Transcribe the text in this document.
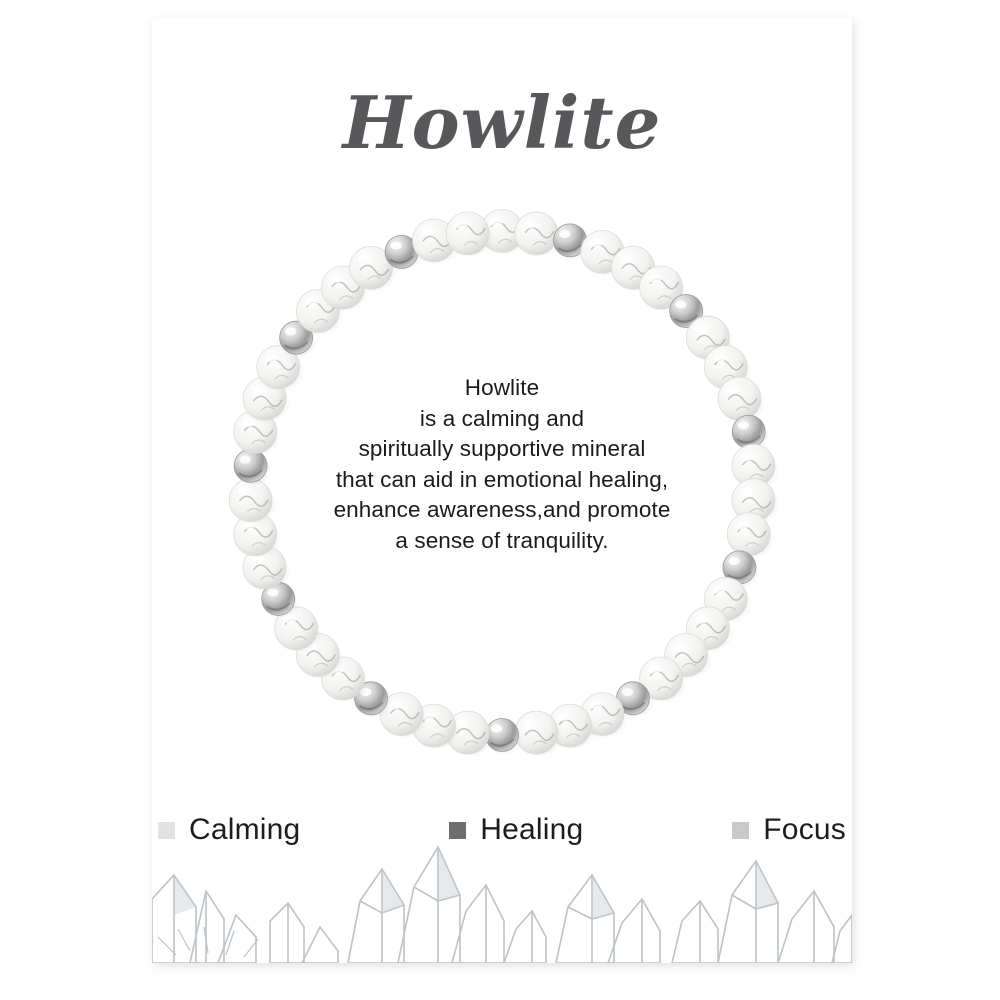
Howlite
Howlite
is a calming and
spiritually supportive mineral
that can aid in emotional healing,
enhance awareness,and promote
a sense of tranquility.
Calming	Healing	Focus
